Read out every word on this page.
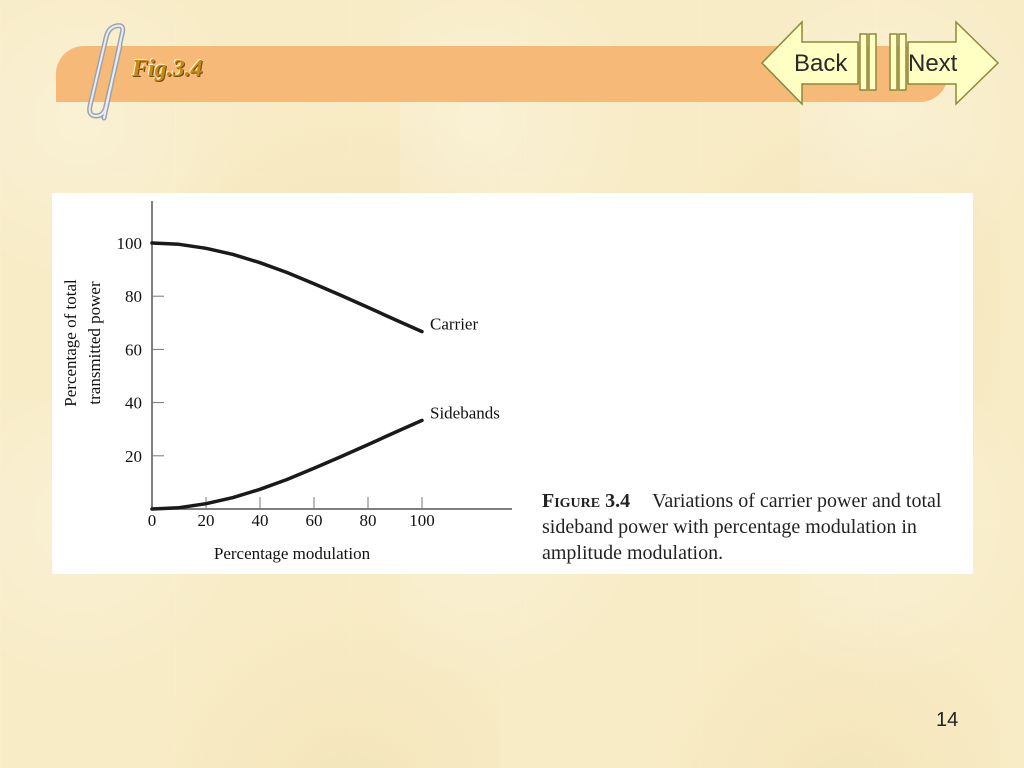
Fig.3.4	Back	Next
Percentage of total transmitted power
0 20 40 60 80 100
20
40
60
80
100
Carrier
Sidebands
Percentage modulation
Figure 3.4 Variations of carrier power and total sideband power with percentage modulation in amplitude modulation.
14
